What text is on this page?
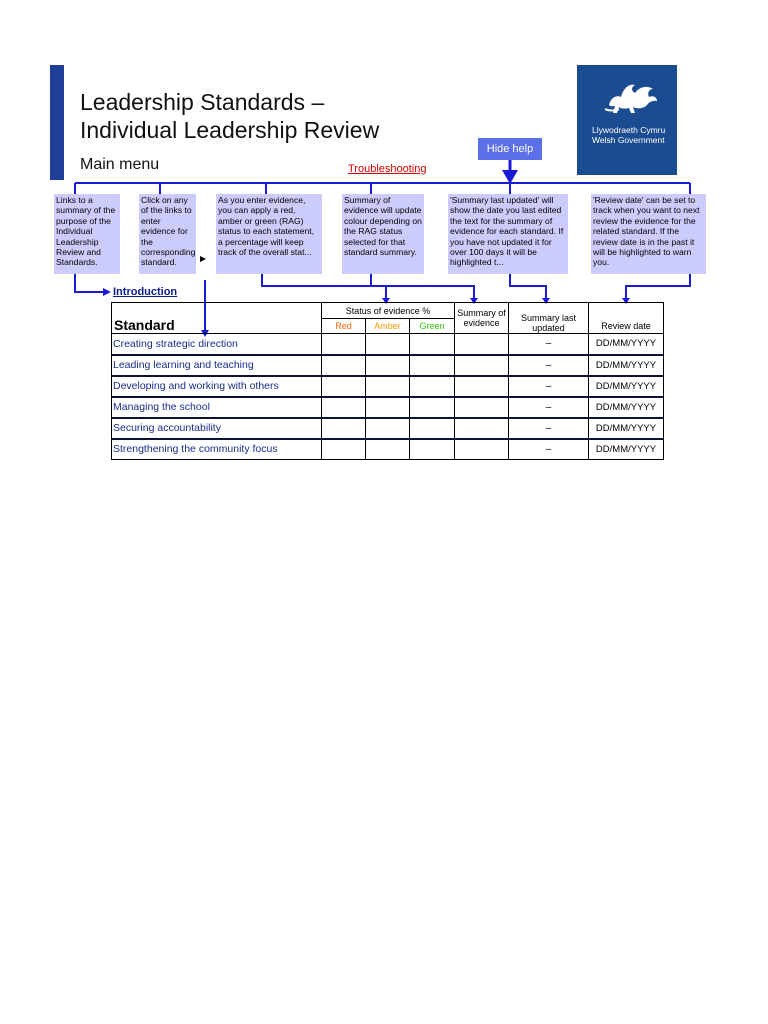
Leadership Standards –
Individual Leadership Review
Main menu	Troubleshooting
Hide help
Llywodraeth Cymru
Welsh Government
Links to a summary of the purpose of the Individual Leadership Review and Standards.
Click on any of the links to enter evidence for the corresponding standard.
As you enter evidence, you can apply a red, amber or green (RAG) status to each statement, a percentage will keep track of the overall stat...
Summary of evidence will update colour depending on the RAG status selected for that standard summary.
'Summary last updated' will show the date you last edited the text for the summary of evidence for each standard. If you have not updated it for over 100 days it will be highlighted t...
'Review date' can be set to track when you want to next review the evidence for the related standard. If the review date is in the past it will be highlighted to warn you.
Introduction
Standard	Status of evidence %			Summary of evidence	Summary last updated	Review date
	Red	Amber	Green			
Creating strategic direction					–	DD/MM/YYYY
Leading learning and teaching					–	DD/MM/YYYY
Developing and working with others					–	DD/MM/YYYY
Managing the school					–	DD/MM/YYYY
Securing accountability					–	DD/MM/YYYY
Strengthening the community focus					–	DD/MM/YYYY
